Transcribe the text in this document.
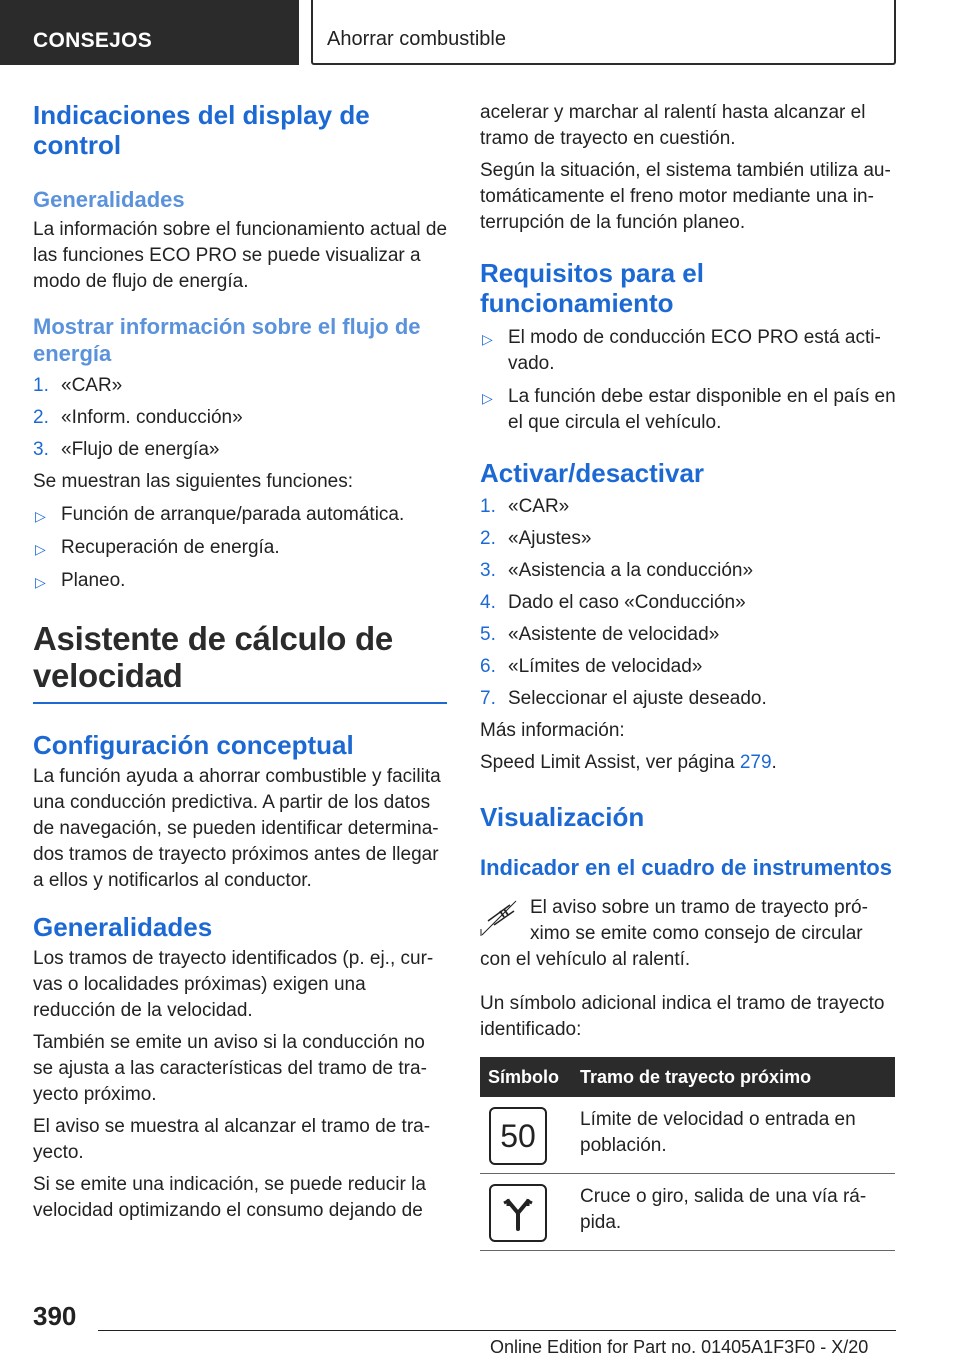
CONSEJOS	Ahorrar combustible
Indicaciones del display de control
Generalidades

La información sobre el funcionamiento actual de las funciones ECO PRO se puede visualizar a modo de flujo de energía.

Mostrar información sobre el flujo de energía
1. «CAR»
2. «Inform. conducción»
3. «Flujo de energía»

Se muestran las siguientes funciones:

▷ Función de arranque/parada automática.
▷ Recuperación de energía.
▷ Planeo.
Asistente de cálculo de velocidad
Configuración conceptual

La función ayuda a ahorrar combustible y facilita una conducción predictiva. A partir de los datos de navegación, se pueden identificar determinados tramos de trayecto próximos antes de llegar a ellos y notificarlos al conductor.

Generalidades

Los tramos de trayecto identificados (p. ej., curvas o localidades próximas) exigen una reducción de la velocidad.

También se emite un aviso si la conducción no se ajusta a las características del tramo de trayecto próximo.

El aviso se muestra al alcanzar el tramo de trayecto.

Si se emite una indicación, se puede reducir la velocidad optimizando el consumo dejando de

acelerar y marchar al ralentí hasta alcanzar el tramo de trayecto en cuestión.

Según la situación, el sistema también utiliza automáticamente el freno motor mediante una interrupción de la función planeo.

Requisitos para el funcionamiento
▷ El modo de conducción ECO PRO está activado.
▷ La función debe estar disponible en el país en el que circula el vehículo.
Activar/desactivar
1. «CAR»
2. «Ajustes»
3. «Asistencia a la conducción»
4. Dado el caso «Conducción»
5. «Asistente de velocidad»
6. «Límites de velocidad»
7. Seleccionar el ajuste deseado.

Más información:

Speed Limit Assist, ver página 279.

Visualización
Indicador en el cuadro de instrumentos

El aviso sobre un tramo de trayecto próximo se emite como consejo de circular con el vehículo al ralentí.

Un símbolo adicional indica el tramo de trayecto identificado:

Símbolo	Tramo de trayecto próximo

50	Límite de velocidad o entrada en población.

	Cruce o giro, salida de una vía rápida.
390
Online Edition for Part no. 01405A1F3F0 - X/20
